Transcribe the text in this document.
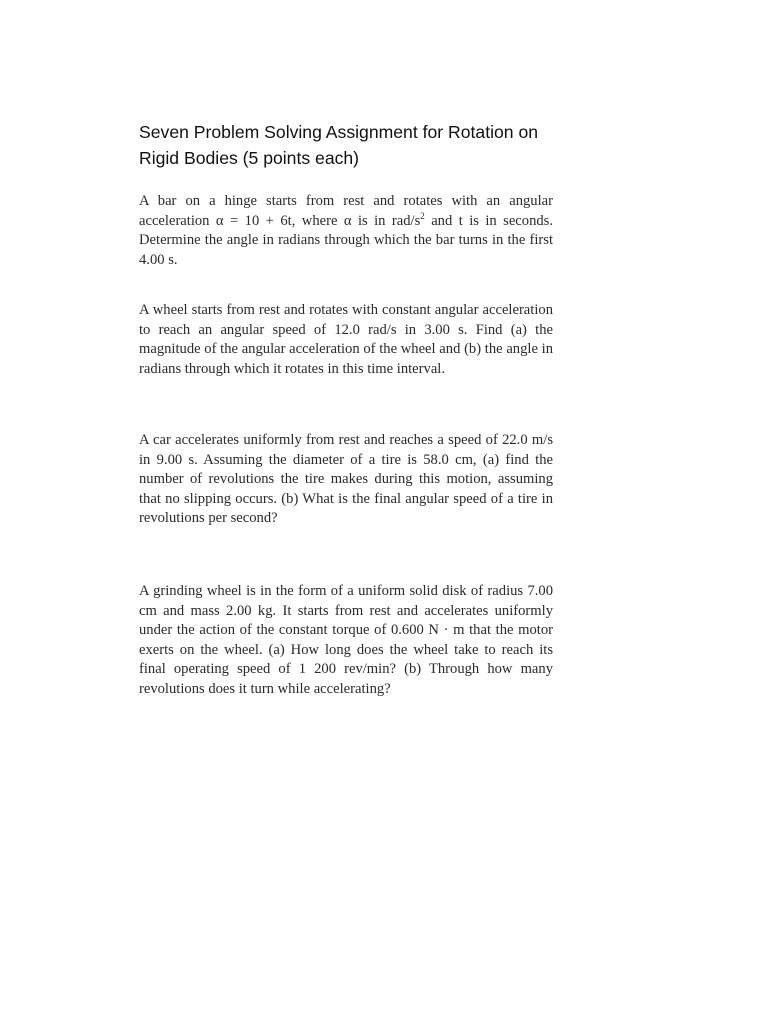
Seven Problem Solving Assignment for Rotation on Rigid Bodies (5 points each)

A bar on a hinge starts from rest and rotates with an angular acceleration α = 10 + 6t, where α is in rad/$s^2$ and t is in seconds. Determine the angle in radians through which the bar turns in the first 4.00 s.

A wheel starts from rest and rotates with constant angular acceleration to reach an angular speed of 12.0 rad/s in 3.00 s. Find (a) the magnitude of the angular acceleration of the wheel and (b) the angle in radians through which it rotates in this time interval.

A car accelerates uniformly from rest and reaches a speed of 22.0 m/s in 9.00 s. Assuming the diameter of a tire is 58.0 cm, (a) find the number of revolutions the tire makes during this motion, assuming that no slipping occurs. (b) What is the final angular speed of a tire in revolutions per second?

A grinding wheel is in the form of a uniform solid disk of radius 7.00 cm and mass 2.00 kg. It starts from rest and accelerates uniformly under the action of the constant torque of 0.600 N · m that the motor exerts on the wheel. (a) How long does the wheel take to reach its final operating speed of 1 200 rev/min? (b) Through how many revolutions does it turn while accelerating?
